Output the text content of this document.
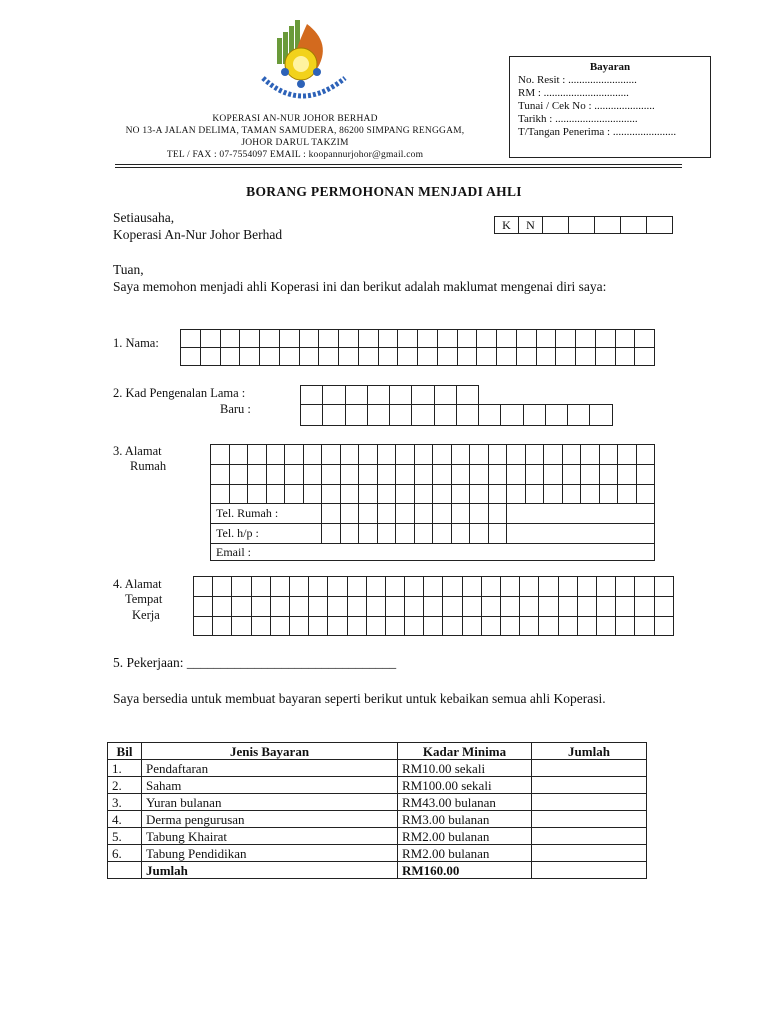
KOPERASI AN-NUR JOHOR BERHAD
NO 13-A JALAN DELIMA, TAMAN SAMUDERA, 86200 SIMPANG RENGGAM,
JOHOR DARUL TAKZIM
TEL / FAX : 07-7554097 EMAIL : koopannurjohor@gmail.com
Bayaran
No. Resit : .........................
RM : ...............................
Tunai / Cek No : ......................
Tarikh : ..............................
T/Tangan Penerima : .......................
BORANG PERMOHONAN MENJADI AHLI
Setiausaha,
Koperasi An-Nur Johor Berhad
K	N					
Tuan,
Saya memohon menjadi ahli Koperasi ini dan berikut adalah maklumat mengenai diri saya:
1. Nama:

2. Kad Pengenalan Lama :
Baru :

3. Alamat
Rumah

Tel. Rumah :																							
Tel. h/p :																							
Email :																							
4. Alamat
Tempat
Kerja

5. Pekerjaan: _______________________________
Saya bersedia untuk membuat bayaran seperti berikut untuk kebaikan semua ahli Koperasi.
Bil	Jenis Bayaran	Kadar Minima	Jumlah
1.	Pendaftaran	RM10.00 sekali	
2.	Saham	RM100.00 sekali	
3.	Yuran bulanan	RM43.00 bulanan	
4.	Derma pengurusan	RM3.00 bulanan	
5.	Tabung Khairat	RM2.00 bulanan	
6.	Tabung Pendidikan	RM2.00 bulanan	
	Jumlah	RM160.00	
